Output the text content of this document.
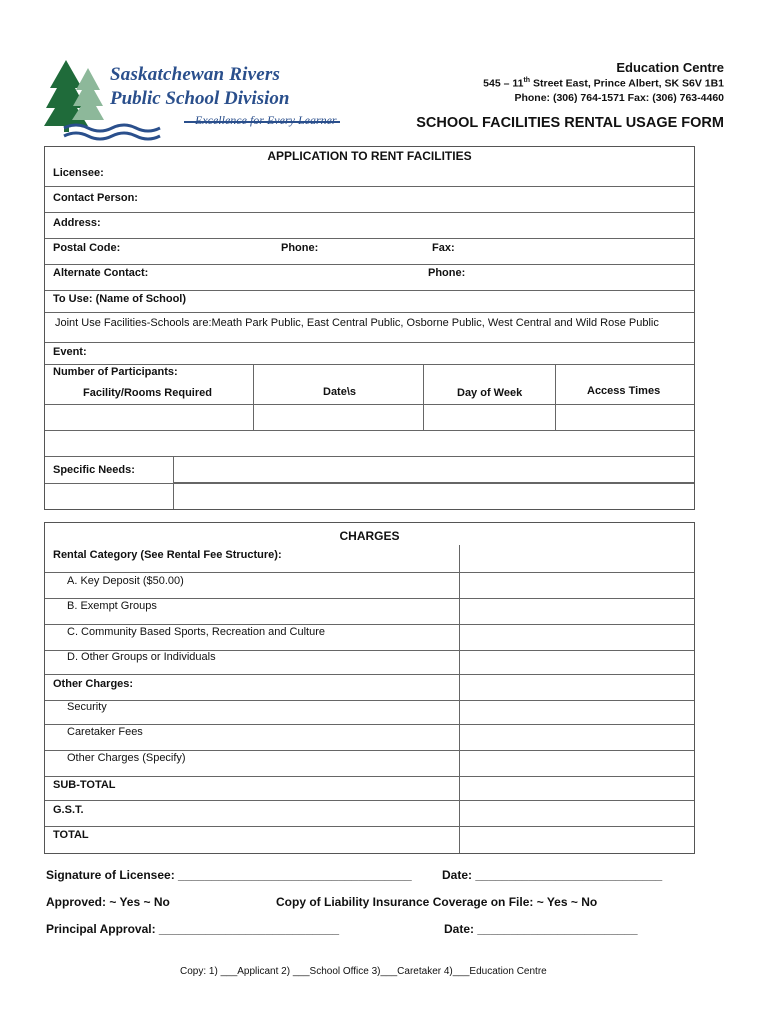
Saskatchewan Rivers
Public School Division
Excellence for Every Learner
Education Centre
545 – 11th Street East, Prince Albert, SK S6V 1B1
Phone: (306) 764-1571 Fax: (306) 763-4460
SCHOOL FACILITIES RENTAL USAGE FORM
APPLICATION TO RENT FACILITIES
Licensee:
Contact Person:
Address:
Postal Code:	Phone:	Fax:
Alternate Contact:	Phone:
To Use: (Name of School)
Joint Use Facilities-Schools are:Meath Park Public, East Central Public, Osborne Public, West Central and Wild Rose Public
Event:
Number of Participants:
Facility/Rooms Required	Date\s	Day of Week	Access Times
Specific Needs:
CHARGES
Rental Category (See Rental Fee Structure):
A. Key Deposit ($50.00)
B. Exempt Groups
C. Community Based Sports, Recreation and Culture
D. Other Groups or Individuals
Other Charges:
Security
Caretaker Fees
Other Charges (Specify)
SUB-TOTAL
G.S.T.
TOTAL
Signature of Licensee: ___________________________________	Date: ____________________________
Approved: ~ Yes ~ No	Copy of Liability Insurance Coverage on File: ~ Yes ~ No
Principal Approval: ___________________________	Date: ________________________
Copy: 1) ___Applicant 2) ___School Office 3)___Caretaker 4)___Education Centre
